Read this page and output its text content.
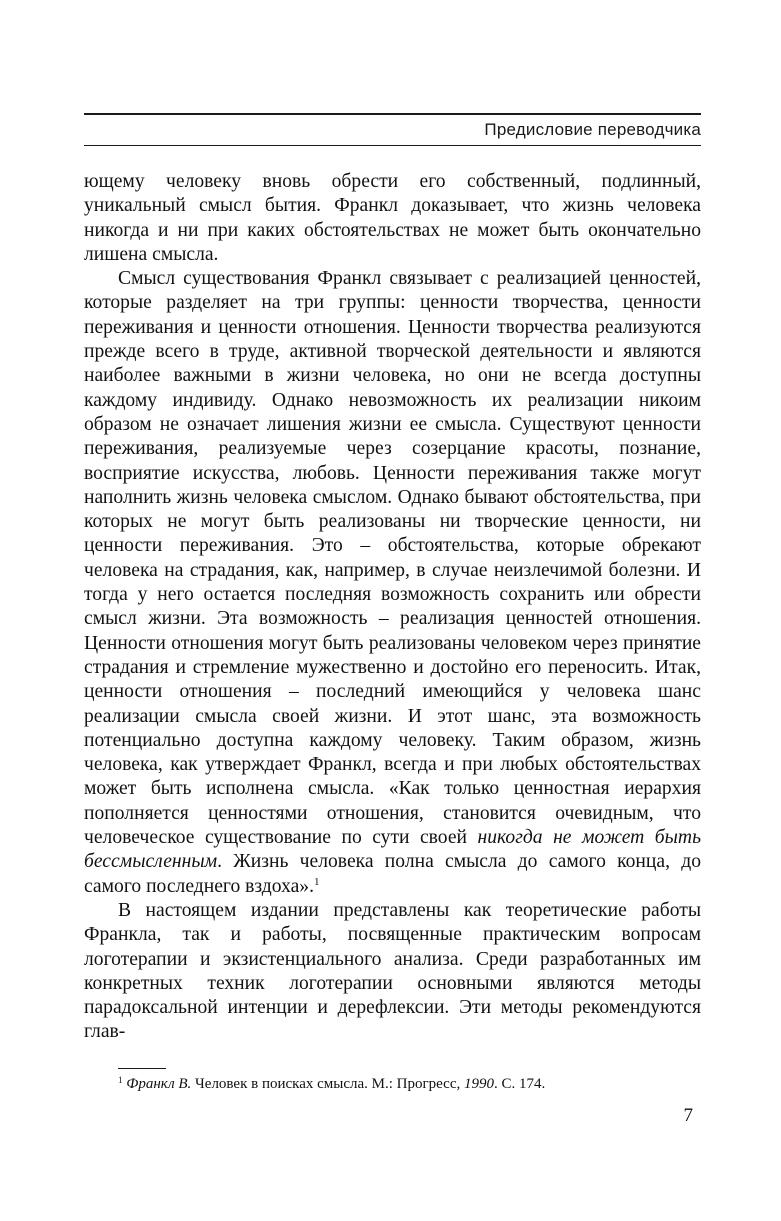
Предисловие переводчика

ющему человеку вновь обрести его собственный, подлинный, уникальный смысл бытия. Франкл доказывает, что жизнь человека никогда и ни при каких обстоятельствах не может быть окончательно лишена смысла.

Смысл существования Франкл связывает с реализацией ценностей, которые разделяет на три группы: ценности творчества, ценности переживания и ценности отношения. Ценности творчества реализуются прежде всего в труде, активной творческой деятельности и являются наиболее важными в жизни человека, но они не всегда доступны каждому индивиду. Однако невозможность их реализации никоим образом не означает лишения жизни ее смысла. Существуют ценности переживания, реализуемые через созерцание красоты, познание, восприятие искусства, любовь. Ценности переживания также могут наполнить жизнь человека смыслом. Однако бывают обстоятельства, при которых не могут быть реализованы ни творческие ценности, ни ценности переживания. Это – обстоятельства, которые обрекают человека на страдания, как, например, в случае неизлечимой болезни. И тогда у него остается последняя возможность сохранить или обрести смысл жизни. Эта возможность – реализация ценностей отношения. Ценности отношения могут быть реализованы человеком через принятие страдания и стремление мужественно и достойно его переносить. Итак, ценности отношения – последний имеющийся у человека шанс реализации смысла своей жизни. И этот шанс, эта возможность потенциально доступна каждому человеку. Таким образом, жизнь человека, как утверждает Франкл, всегда и при любых обстоятельствах может быть исполнена смысла. «Как только ценностная иерархия пополняется ценностями отношения, становится очевидным, что человеческое существование по сути своей никогда не может быть бессмысленным. Жизнь человека полна смысла до самого конца, до самого последнего вздоха».$^1$

В настоящем издании представлены как теоретические работы Франкла, так и работы, посвященные практическим вопросам логотерапии и экзистенциального анализа. Среди разработанных им конкретных техник логотерапии основными являются методы парадоксальной интенции и дерефлексии. Эти методы рекомендуются глав-

$^1$ Франкл В. Человек в поисках смысла. М.: Прогресс, 1990. С. 174.
7
